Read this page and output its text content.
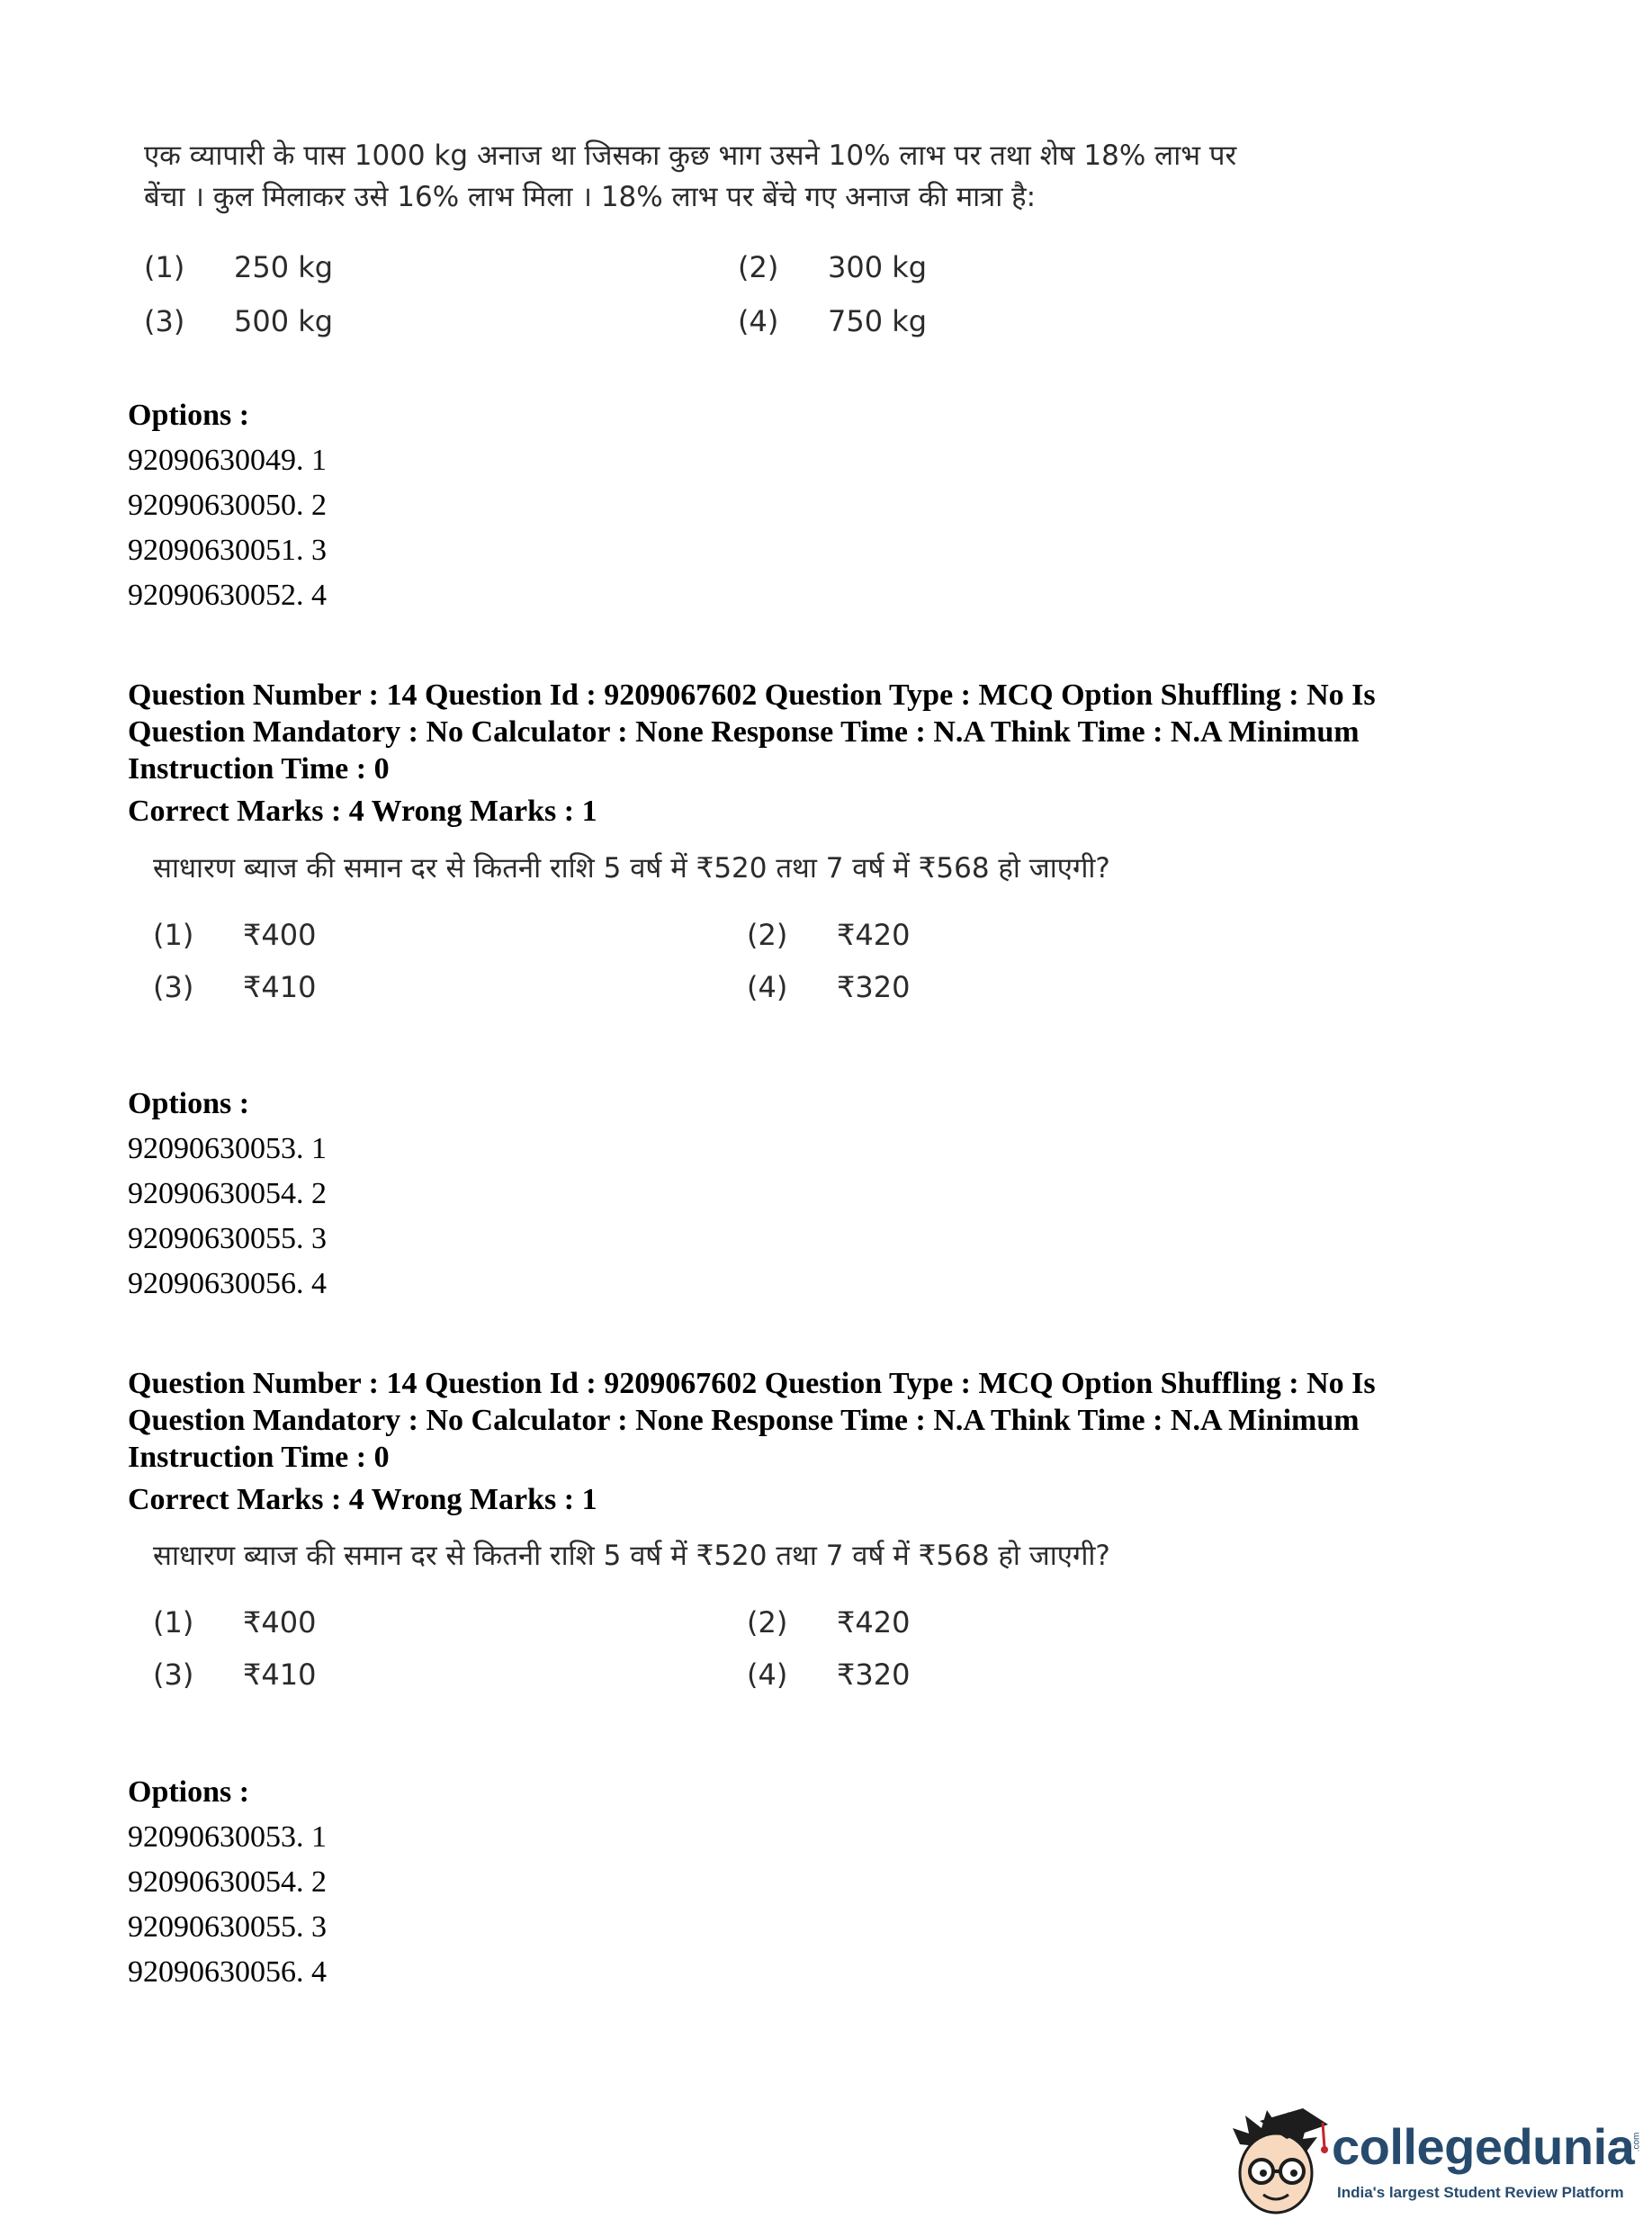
एक व्यापारी के पास 1000 kg अनाज था जिसका कुछ भाग उसने 10% लाभ पर तथा शेष 18% लाभ पर
बेंचा । कुल मिलाकर उसे 16% लाभ मिला । 18% लाभ पर बेंचे गए अनाज की मात्रा है:
(1) 250 kg	(2) 300 kg
(3) 500 kg	(4) 750 kg
Options :
92090630049. 1
92090630050. 2
92090630051. 3
92090630052. 4
Question Number : 14 Question Id : 9209067602 Question Type : MCQ Option Shuffling : No Is
Question Mandatory : No Calculator : None Response Time : N.A Think Time : N.A Minimum
Instruction Time : 0
Correct Marks : 4 Wrong Marks : 1
साधारण ब्याज की समान दर से कितनी राशि 5 वर्ष में ₹520 तथा 7 वर्ष में ₹568 हो जाएगी?
(1) ₹400	(2) ₹420
(3) ₹410	(4) ₹320
Options :
92090630053. 1
92090630054. 2
92090630055. 3
92090630056. 4
Question Number : 14 Question Id : 9209067602 Question Type : MCQ Option Shuffling : No Is
Question Mandatory : No Calculator : None Response Time : N.A Think Time : N.A Minimum
Instruction Time : 0
Correct Marks : 4 Wrong Marks : 1
साधारण ब्याज की समान दर से कितनी राशि 5 वर्ष में ₹520 तथा 7 वर्ष में ₹568 हो जाएगी?
(1) ₹400	(2) ₹420
(3) ₹410	(4) ₹320
Options :
92090630053. 1
92090630054. 2
92090630055. 3
92090630056. 4
collegedunia
.com
India's largest Student Review Platform
